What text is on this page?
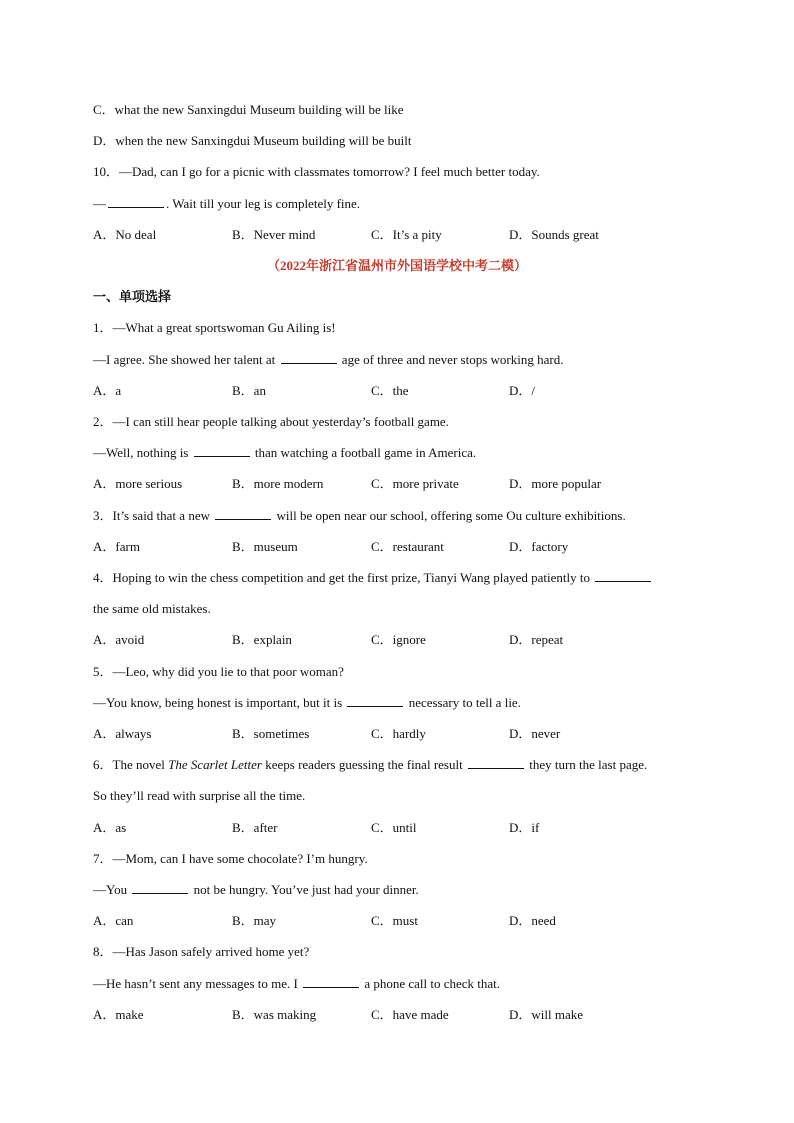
C．what the new Sanxingdui Museum building will be like
D．when the new Sanxingdui Museum building will be built
10．—Dad, can I go for a picnic with classmates tomorrow? I feel much better today.
—	. Wait till your leg is completely fine.
A．No deal	B．Never mind	C．It’s a pity	D．Sounds great
（2022年浙江省温州市外国语学校中考二模）
一、单项选择
1．—What a great sportswoman Gu Ailing is!
—I agree. She showed her talent at	age of three and never stops working hard.
A．a	B．an	C．the	D．/
2．—I can still hear people talking about yesterday’s football game.
—Well, nothing is	than watching a football game in America.
A．more serious	B．more modern	C．more private	D．more popular
3．It’s said that a new	will be open near our school, offering some Ou culture exhibitions.
A．farm	B．museum	C．restaurant	D．factory
4．Hoping to win the chess competition and get the first prize, Tianyi Wang played patiently to
the same old mistakes.
A．avoid	B．explain	C．ignore	D．repeat
5．—Leo, why did you lie to that poor woman?
—You know, being honest is important, but it is	necessary to tell a lie.
A．always	B．sometimes	C．hardly	D．never
6．The novel The Scarlet Letter keeps readers guessing the final result	they turn the last page.
So they’ll read with surprise all the time.
A．as	B．after	C．until	D．if
7．—Mom, can I have some chocolate? I’m hungry.
—You	not be hungry. You’ve just had your dinner.
A．can	B．may	C．must	D．need
8．—Has Jason safely arrived home yet?
—He hasn’t sent any messages to me. I	a phone call to check that.
A．make	B．was making	C．have made	D．will make
